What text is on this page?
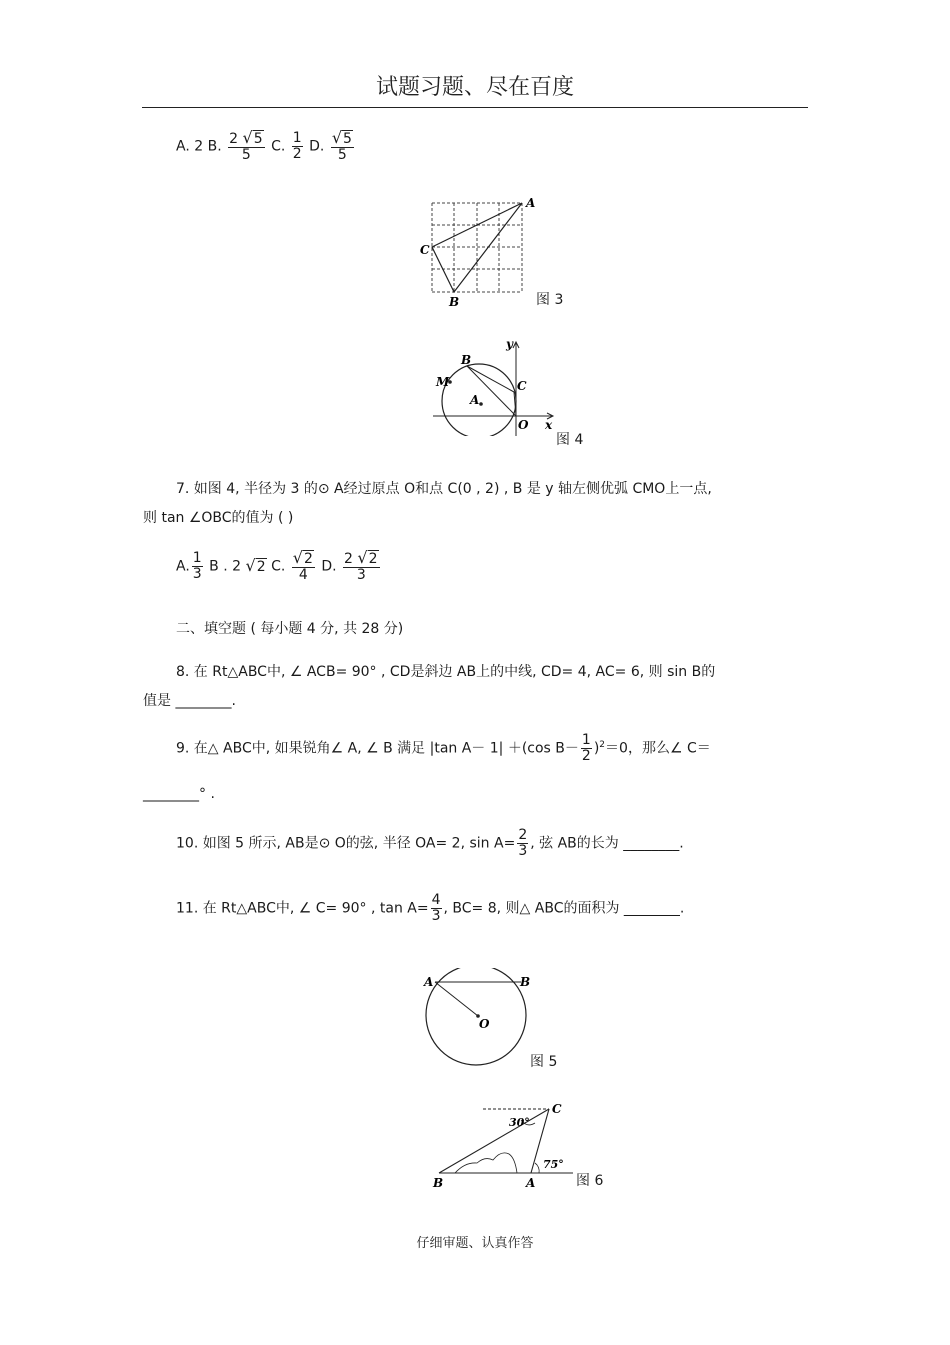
试题习题、尽在百度
A. 2 B. $\frac{2 √5}{5} C$. $\frac{1}{2} D$. $\frac{√5}{5}$
A
B
C
图 3
B
C
M
A
O x
y
图 4
7. 如图 4, 半径为 3 的⊙ A经过原点 O和点 C(0 , 2) , B 是 y 轴左侧优弧 CMO上一点,
则 tan ∠OBC的值为 ( )
A. $\frac{1}{3}$ B . 2 √2 C. $\frac{√2}{4} D$. $\frac{2 √2}{3}$
二、填空题 ( 每小题 4 分, 共 28 分)
8. 在 Rt△ABC中, ∠ ACB= 90° , CD是斜边 AB上的中线, CD= 4, AC= 6, 则 sin B的
值是 ________.
9. 在△ ABC中, 如果锐角∠ A, ∠ B 满足 |tan A－ 1| ＋(cos $B- \frac{1}{2} )^2=0$，那么∠ C＝
________° .
10. 如图 5 所示, AB是⊙ O的弦, 半径 OA= 2, $\sin A= \frac{2}{3}$ , 弦 AB的长为 ________.
11. 在 Rt△ABC中, ∠ C= 90° , $\tan A= \frac{4}{3}$ , BC= 8, 则△ ABC的面积为 ________.
A	B
O
图 5
B	A
C
30°
75°
图 6
仔细审题、认真作答
